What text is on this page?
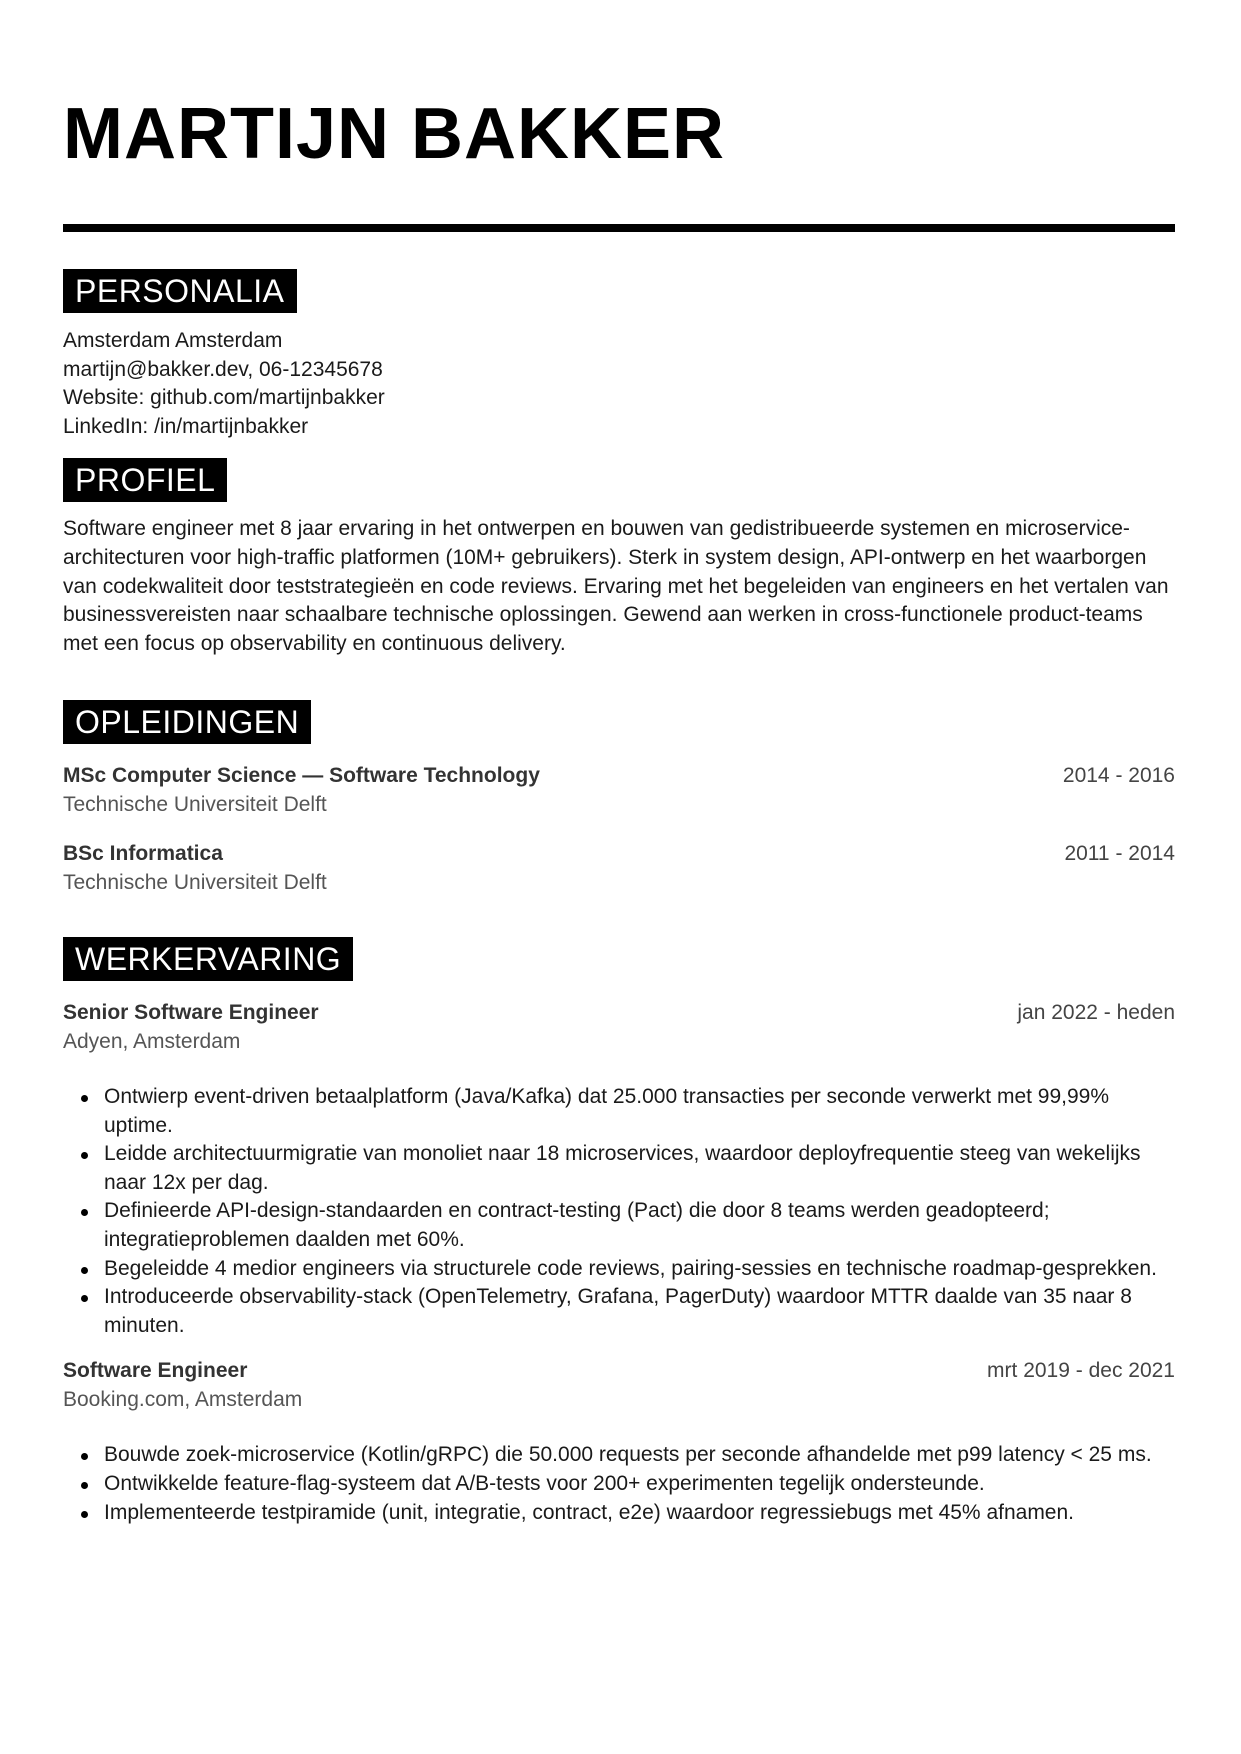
MARTIJN BAKKER
PERSONALIA
Amsterdam Amsterdam
martijn@bakker.dev, 06-12345678
Website: github.com/martijnbakker
LinkedIn: /in/martijnbakker
PROFIEL

Software engineer met 8 jaar ervaring in het ontwerpen en bouwen van gedistribueerde systemen en microservice-architecturen voor high-traffic platformen (10M+ gebruikers). Sterk in system design, API-ontwerp en het waarborgen van codekwaliteit door teststrategieën en code reviews. Ervaring met het begeleiden van engineers en het vertalen van businessvereisten naar schaalbare technische oplossingen. Gewend aan werken in cross-functionele product-teams met een focus op observability en continuous delivery.

OPLEIDINGEN
MSc Computer Science — Software Technology	2014 - 2016
Technische Universiteit Delft
BSc Informatica	2011 - 2014
Technische Universiteit Delft
WERKERVARING
Senior Software Engineer	jan 2022 - heden
Adyen, Amsterdam
Ontwierp event-driven betaalplatform (Java/Kafka) dat 25.000 transacties per seconde verwerkt met 99,99% uptime.
Leidde architectuurmigratie van monoliet naar 18 microservices, waardoor deployfrequentie steeg van wekelijks naar 12x per dag.
Definieerde API-design-standaarden en contract-testing (Pact) die door 8 teams werden geadopteerd; integratieproblemen daalden met 60%.
Begeleidde 4 medior engineers via structurele code reviews, pairing-sessies en technische roadmap-gesprekken.
Introduceerde observability-stack (OpenTelemetry, Grafana, PagerDuty) waardoor MTTR daalde van 35 naar 8 minuten.
Software Engineer	mrt 2019 - dec 2021
Booking.com, Amsterdam
Bouwde zoek-microservice (Kotlin/gRPC) die 50.000 requests per seconde afhandelde met p99 latency < 25 ms.
Ontwikkelde feature-flag-systeem dat A/B-tests voor 200+ experimenten tegelijk ondersteunde.
Implementeerde testpiramide (unit, integratie, contract, e2e) waardoor regressiebugs met 45% afnamen.
